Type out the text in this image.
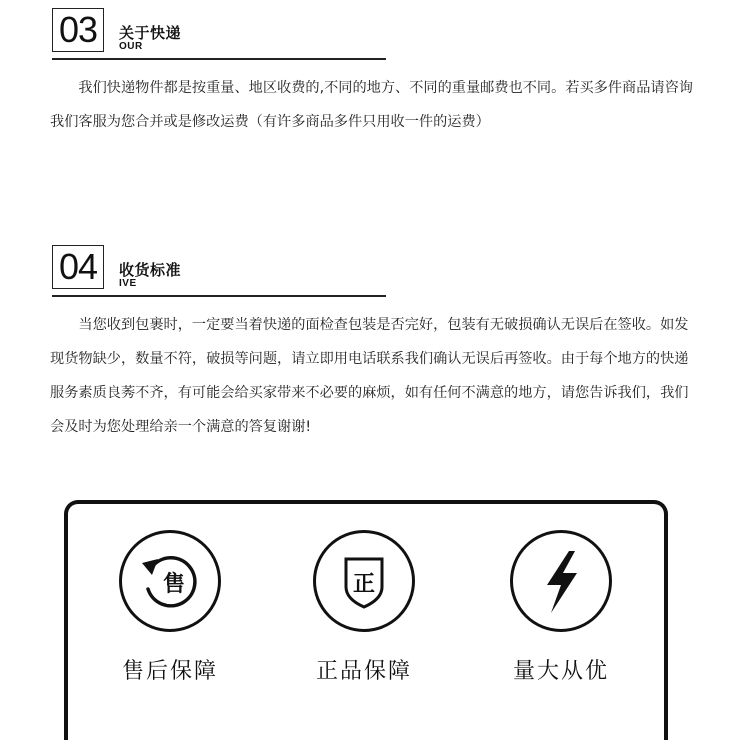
03	关于快递
OUR

我们快递物件都是按重量、地区收费的,不同的地方、不同的重量邮费也不同。若买多件商品请咨询我们客服为您合并或是修改运费（有许多商品多件只用收一件的运费）

04	收货标准
IVE

当您收到包裹时，一定要当着快递的面检查包装是否完好，包装有无破损确认无误后在签收。如发现货物缺少，数量不符，破损等问题，请立即用电话联系我们确认无误后再签收。由于每个地方的快递服务素质良莠不齐，有可能会给买家带来不必要的麻烦，如有任何不满意的地方，请您告诉我们，我们会及时为您处理给亲一个满意的答复谢谢!

售
售后保障
正
正品保障	量大从优
